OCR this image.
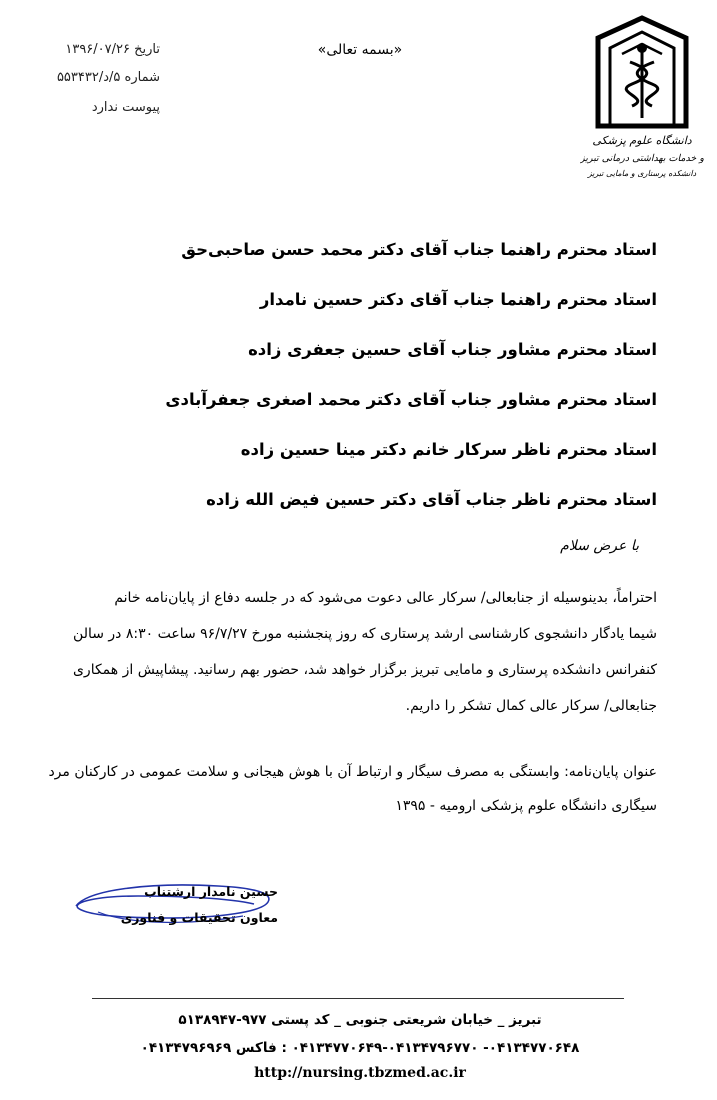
دانشگاه علوم پزشکی
و خدمات بهداشتی درمانی تبریز
دانشکده پرستاری و مامایی تبریز
«بسمه تعالی»
تاریخ ۱۳۹۶/۰۷/۲۶
شماره ۵/د/۵۵۳۴۳۲
پیوست ندارد
استاد محترم راهنما جناب آقای دکتر محمد حسن صاحبی‌حق
استاد محترم راهنما جناب آقای دکتر حسین نامدار
استاد محترم مشاور جناب آقای حسین جعفری زاده
استاد محترم مشاور جناب آقای دکتر محمد اصغری جعفرآبادی
استاد محترم ناظر سرکار خانم دکتر مینا حسین زاده
استاد محترم ناظر جناب آقای دکتر حسین فیض الله زاده
با عرض سلام
احتراماً، بدینوسیله از جنابعالی/ سرکار عالی دعوت می‌شود که در جلسه دفاع از پایان‌نامه خانم
شیما یادگار دانشجوی کارشناسی ارشد پرستاری که روز پنجشنبه مورخ ۹۶/۷/۲۷ ساعت ۸:۳۰ در سالن
کنفرانس دانشکده پرستاری و مامایی تبریز برگزار خواهد شد، حضور بهم رسانید. پیشاپیش از همکاری
جنابعالی/ سرکار عالی کمال تشکر را داریم.
عنوان پایان‌نامه: وابستگی به مصرف سیگار و ارتباط آن با هوش هیجانی و سلامت عمومی در کارکنان مرد
سیگاری دانشگاه علوم پزشکی ارومیه - ۱۳۹۵
حسین نامدار ارشتناب
معاون تحقیقات و فناوری
تبریز _ خیابان شریعتی جنوبی _ کد پستی ۹۷۷-۵۱۳۸۹۴۷
۰۴۱۳۴۷۷۰۶۴۸- ۰۴۱۳۴۷۷۰۶۴۹-۰۴۱۳۴۷۹۶۷۷۰ : فاکس ۰۴۱۳۴۷۹۶۹۶۹
http://nursing.tbzmed.ac.ir
